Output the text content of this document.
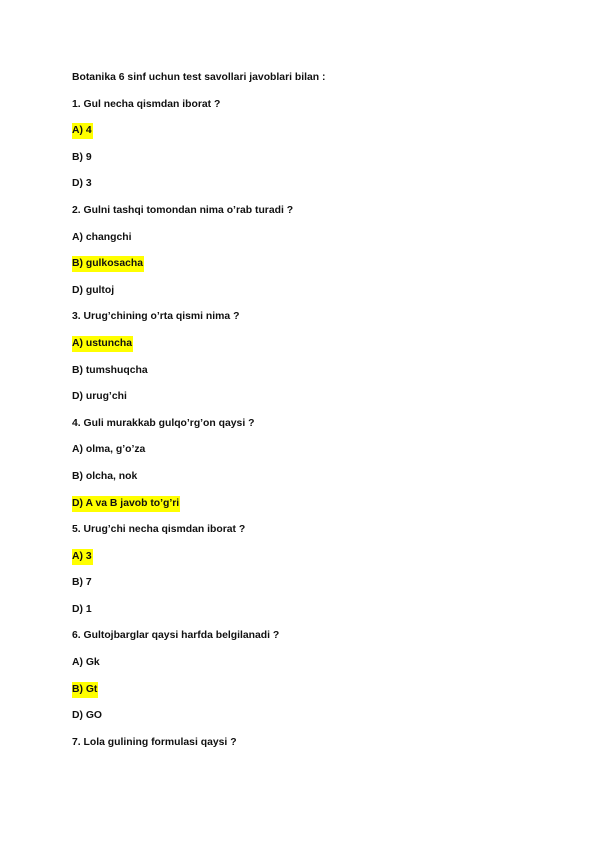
Botanika 6 sinf uchun test savollari javoblari bilan :
1. Gul necha qismdan iborat ?
A) 4
B) 9
D) 3
2. Gulni tashqi tomondan nima o’rab turadi ?
A) changchi
B) gulkosacha
D) gultoj
3. Urug’chining o’rta qismi nima ?
A) ustuncha
B) tumshuqcha
D) urug’chi
4. Guli murakkab gulqo’rg’on qaysi ?
A) olma, g’o’za
B) olcha, nok
D) A va B javob to’g’ri
5. Urug’chi necha qismdan iborat ?
A) 3
B) 7
D) 1
6. Gultojbarglar qaysi harfda belgilanadi ?
A) Gk
B) Gt
D) GO
7. Lola gulining formulasi qaysi ?
